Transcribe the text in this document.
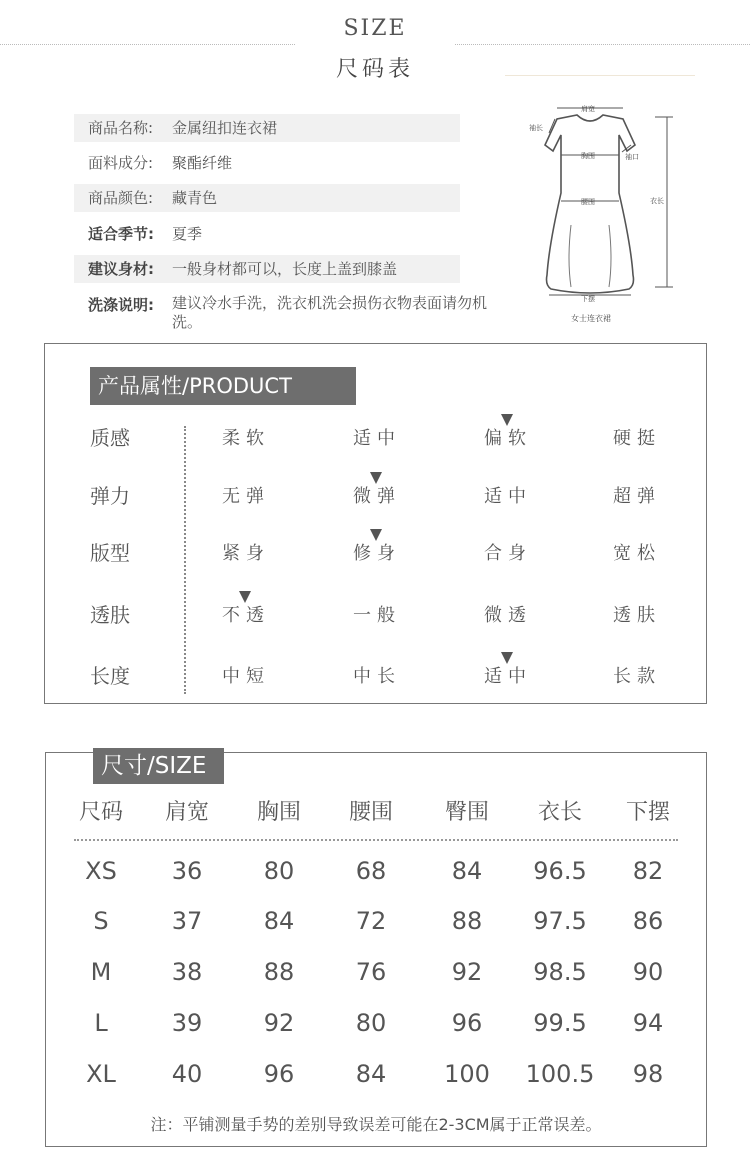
SIZE
尺码表
商品名称: 金属纽扣连衣裙
面料成分: 聚酯纤维
商品颜色: 藏青色
适合季节: 夏季
建议身材: 一般身材都可以，长度上盖到膝盖
洗涤说明: 建议冷水手洗，洗衣机洗会损伤衣物表面请勿机洗。
肩宽
袖长
胸围	袖口
腰围	衣长
下摆
女士连衣裙
产品属性/PRODUCT
质感	柔软	适中	偏软	硬挺
弹力	无弹	微弹	适中	超弹
版型	紧身	修身	合身	宽松
透肤	不透	一般	微透	透肤
长度	中短	中长	适中	长款
尺寸/SIZE
尺码	肩宽	胸围	腰围	臀围	衣长	下摆
XS	36	80	68	84	96.5	82
S	37	84	72	88	97.5	86
M	38	88	76	92	98.5	90
L	39	92	80	96	99.5	94
XL	40	96	84	100	100.5	98
注：平铺测量手势的差别导致误差可能在2-3CM属于正常误差。
